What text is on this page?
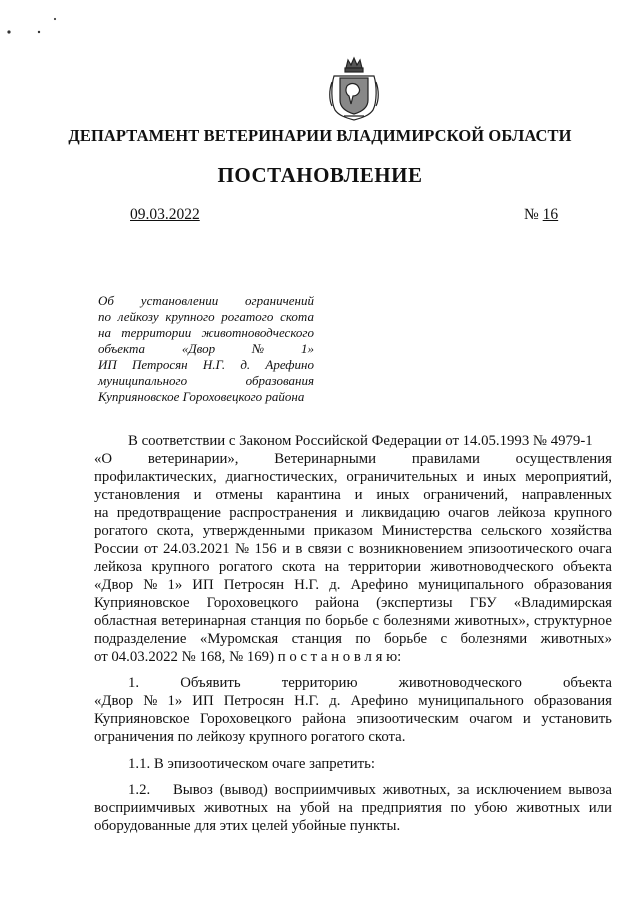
ДЕПАРТАМЕНТ ВЕТЕРИНАРИИ ВЛАДИМИРСКОЙ ОБЛАСТИ
ПОСТАНОВЛЕНИЕ
09.03.2022	№ 16
Об установлении ограничений
по лейкозу крупного рогатого скота
на территории животноводческого
объекта	«Двор	№	1»
ИП Петросян Н.Г. д. Арефино
муниципального	образования
Куприяновское Гороховецкого района
В соответствии с Законом Российской Федерации от 14.05.1993 № 4979-1
«О ветеринарии», Ветеринарными правилами осуществления
профилактических, диагностических, ограничительных и иных мероприятий,
установления и отмены карантина и иных ограничений, направленных
на предотвращение распространения и ликвидацию очагов лейкоза крупного
рогатого скота, утвержденными приказом Министерства сельского хозяйства
России от 24.03.2021 № 156 и в связи с возникновением эпизоотического очага
лейкоза крупного рогатого скота на территории животноводческого объекта
«Двор № 1» ИП Петросян Н.Г. д. Арефино муниципального образования
Куприяновское Гороховецкого района (экспертизы ГБУ «Владимирская
областная ветеринарная станция по борьбе с болезнями животных», структурное
подразделение «Муромская станция по борьбе с болезнями животных»
от 04.03.2022 № 168, № 169) п о с т а н о в л я ю:
1.	Объявить	территорию	животноводческого	объекта
«Двор № 1» ИП Петросян Н.Г. д. Арефино муниципального образования
Куприяновское Гороховецкого района эпизоотическим очагом и установить
ограничения по лейкозу крупного рогатого скота.
1.1. В эпизоотическом очаге запретить:
1.2. Вывоз (вывод) восприимчивых животных, за исключением вывоза
восприимчивых животных на убой на предприятия по убою животных или
оборудованные для этих целей убойные пункты.
